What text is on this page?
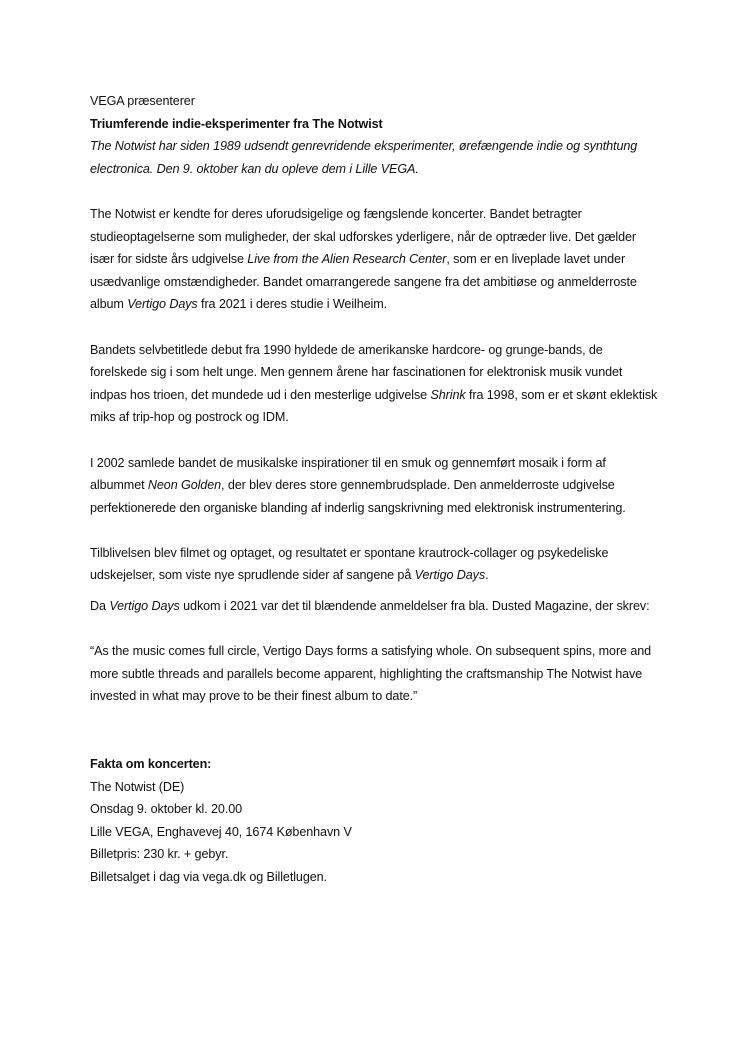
VEGA præsenterer

Triumferende indie-eksperimenter fra The Notwist

The Notwist har siden 1989 udsendt genrevridende eksperimenter, ørefængende indie og synthtung electronica. Den 9. oktober kan du opleve dem i Lille VEGA.

The Notwist er kendte for deres uforudsigelige og fængslende koncerter. Bandet betragter studieoptagelserne som muligheder, der skal udforskes yderligere, når de optræder live. Det gælder især for sidste års udgivelse Live from the Alien Research Center, som er en liveplade lavet under usædvanlige omstændigheder. Bandet omarrangerede sangene fra det ambitiøse og anmelderroste album Vertigo Days fra 2021 i deres studie i Weilheim.

Bandets selvbetitlede debut fra 1990 hyldede de amerikanske hardcore- og grunge-bands, de forelskede sig i som helt unge. Men gennem årene har fascinationen for elektronisk musik vundet indpas hos trioen, det mundede ud i den mesterlige udgivelse Shrink fra 1998, som er et skønt eklektisk miks af trip-hop og postrock og IDM.

I 2002 samlede bandet de musikalske inspirationer til en smuk og gennemført mosaik i form af albummet Neon Golden, der blev deres store gennembrudsplade. Den anmelderroste udgivelse perfektionerede den organiske blanding af inderlig sangskrivning med elektronisk instrumentering.

Tilblivelsen blev filmet og optaget, og resultatet er spontane krautrock-collager og psykedeliske udskejelser, som viste nye sprudlende sider af sangene på Vertigo Days.

Da Vertigo Days udkom i 2021 var det til blændende anmeldelser fra bla. Dusted Magazine, der skrev:

“As the music comes full circle, Vertigo Days forms a satisfying whole. On subsequent spins, more and more subtle threads and parallels become apparent, highlighting the craftsmanship The Notwist have invested in what may prove to be their finest album to date.”

Fakta om koncerten:

The Notwist (DE)

Onsdag 9. oktober kl. 20.00

Lille VEGA, Enghavevej 40, 1674 København V

Billetpris: 230 kr. + gebyr.

Billetsalget i dag via vega.dk og Billetlugen.
